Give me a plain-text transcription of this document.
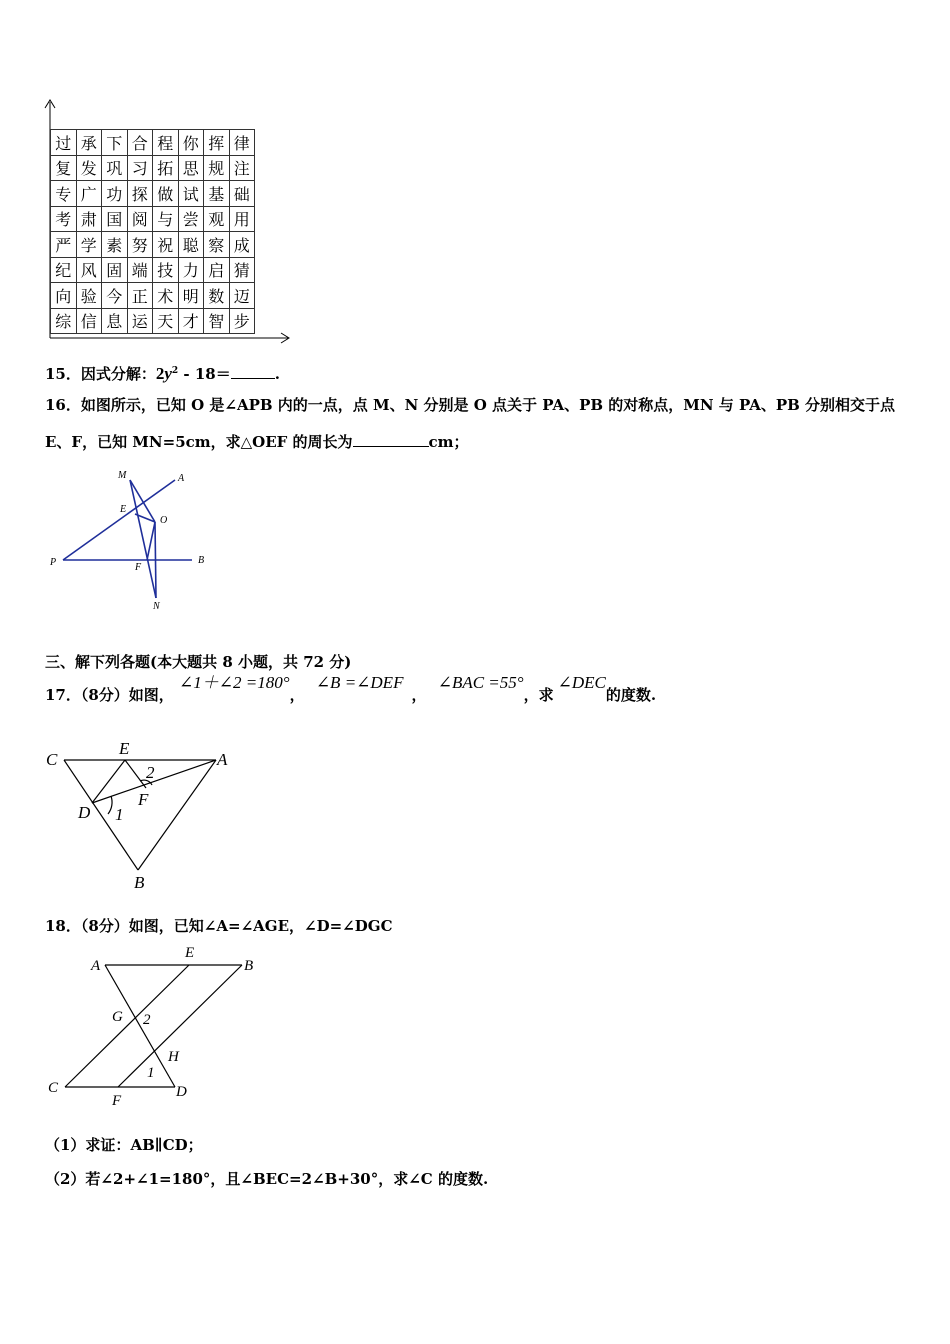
过	承	下	合	程	你	挥	律
复	发	巩	习	拓	思	规	注
专	广	功	探	做	试	基	础
考	肃	国	阅	与	尝	观	用
严	学	素	努	祝	聪	察	成
纪	风	固	端	技	力	启	猜
向	验	今	正	术	明	数	迈
综	信	息	运	天	才	智	步
15．因式分解：$2y^2 - 18=$	.
16．如图所示，已知 O 是∠APB 内的一点，点 M、N 分别是 O 点关于 PA、PB 的对称点，MN 与 PA、PB 分别相交于点
E、F，已知 MN=5cm，求△OEF 的周长为	cm；
M	A
E
O
P	F
B
N
三、解下列各题(本大题共 8 小题，共 72 分)
17．（8分）如图， ∠1＋∠2 =180°， ∠B =∠DEF， ∠BAC =55°，求∠DEC的度数.
C
E
A
2
F
D 1
B
18．（8分）如图，已知∠A=∠AGE，∠D=∠DGC
A
E
B
G 2
H
1
C
F
D
（1）求证：AB∥CD；
（2）若∠2+∠1=180°，且∠BEC=2∠B+30°，求∠C 的度数.
